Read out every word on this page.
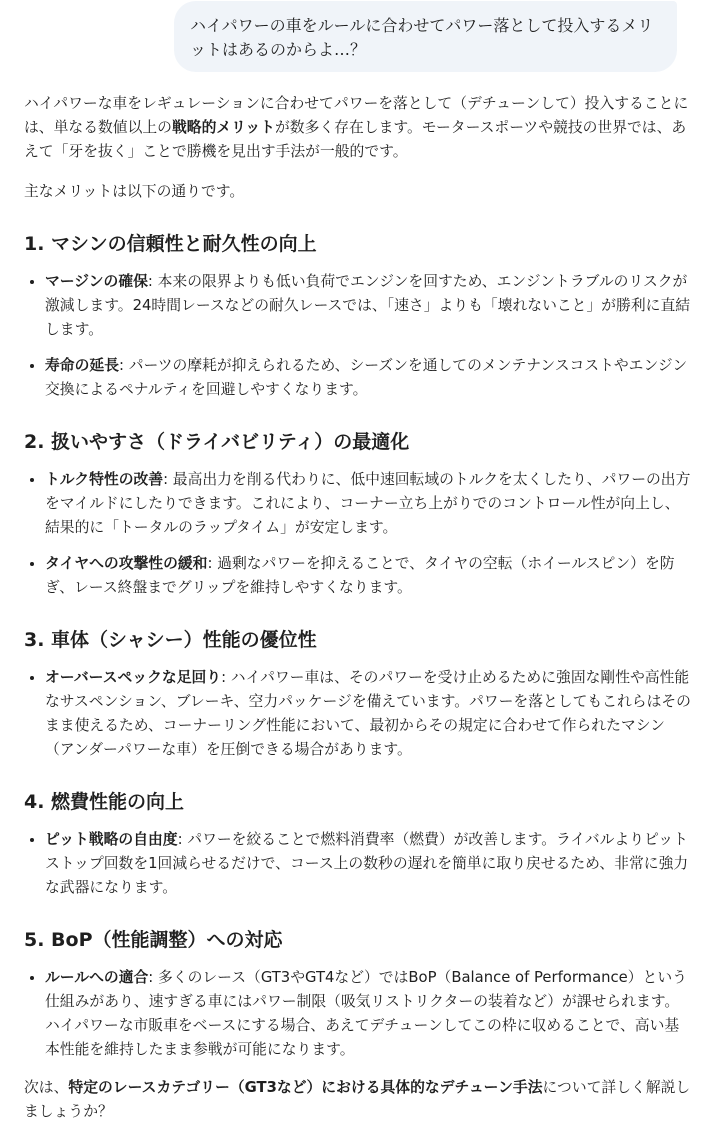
ハイパワーの車をルールに合わせてパワー落として投入するメリットはあるのからよ…？

ハイパワーな車をレギュレーションに合わせてパワーを落として（デチューンして）投入することには、単なる数値以上の戦略的メリットが数多く存在します。モータースポーツや競技の世界では、あえて「牙を抜く」ことで勝機を見出す手法が一般的です。

主なメリットは以下の通りです。

1. マシンの信頼性と耐久性の向上
• マージンの確保: 本来の限界よりも低い負荷でエンジンを回すため、エンジントラブルのリスクが激減します。24時間レースなどの耐久レースでは、「速さ」よりも「壊れないこと」が勝利に直結します。
• 寿命の延長: パーツの摩耗が抑えられるため、シーズンを通してのメンテナンスコストやエンジン交換によるペナルティを回避しやすくなります。
2. 扱いやすさ（ドライバビリティ）の最適化
• トルク特性の改善: 最高出力を削る代わりに、低中速回転域のトルクを太くしたり、パワーの出方をマイルドにしたりできます。これにより、コーナー立ち上がりでのコントロール性が向上し、結果的に「トータルのラップタイム」が安定します。
• タイヤへの攻撃性の緩和: 過剰なパワーを抑えることで、タイヤの空転（ホイールスピン）を防ぎ、レース終盤までグリップを維持しやすくなります。
3. 車体（シャシー）性能の優位性
• オーバースペックな足回り: ハイパワー車は、そのパワーを受け止めるために強固な剛性や高性能なサスペンション、ブレーキ、空力パッケージを備えています。パワーを落としてもこれらはそのまま使えるため、コーナーリング性能において、最初からその規定に合わせて作られたマシン（アンダーパワーな車）を圧倒できる場合があります。
4. 燃費性能の向上
• ピット戦略の自由度: パワーを絞ることで燃料消費率（燃費）が改善します。ライバルよりピットストップ回数を1回減らせるだけで、コース上の数秒の遅れを簡単に取り戻せるため、非常に強力な武器になります。
5. BoP（性能調整）への対応
• ルールへの適合: 多くのレース（GT3やGT4など）ではBoP（Balance of Performance）という仕組みがあり、速すぎる車にはパワー制限（吸気リストリクターの装着など）が課せられます。ハイパワーな市販車をベースにする場合、あえてデチューンしてこの枠に収めることで、高い基本性能を維持したまま参戦が可能になります。

次は、特定のレースカテゴリー（GT3など）における具体的なデチューン手法について詳しく解説しましょうか？
